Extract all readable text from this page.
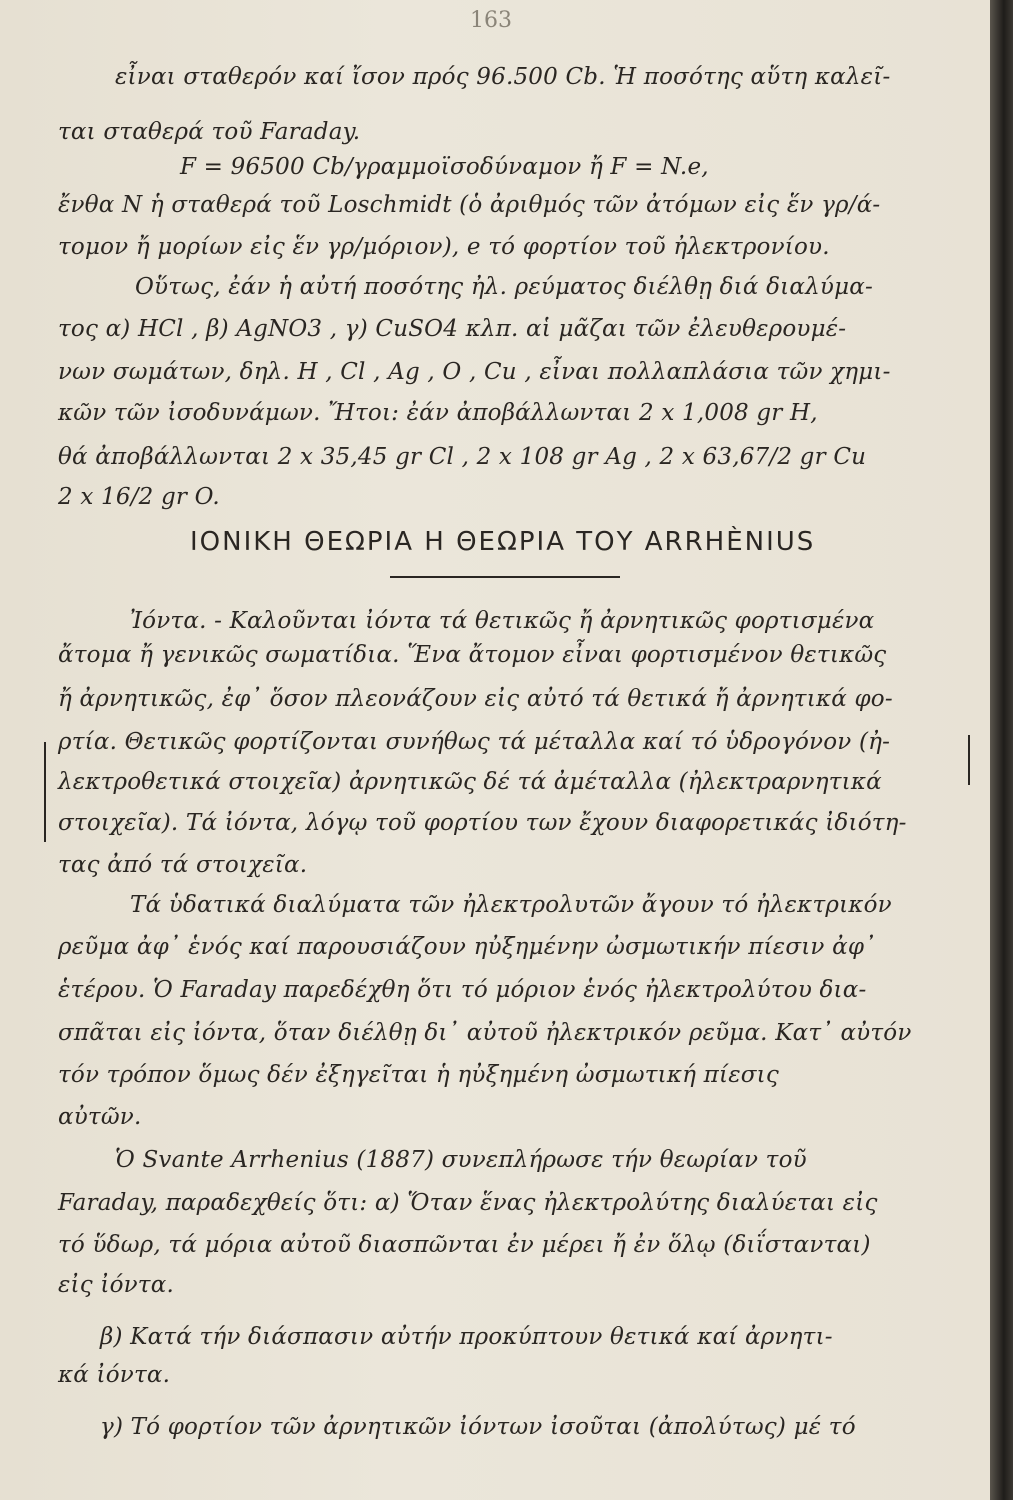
163
εἶναι σταθερόν καί ἴσον πρός 96.500 Cb. Ἡ ποσότης αὕτη καλεῖ-
ται σταθερά τοῦ Faraday.
F = 96500 Cb/γραμμοϊσοδύναμον ἤ F = N.e,
ἔνθα N ἡ σταθερά τοῦ Loschmidt (ὁ ἀριθμός τῶν ἀτόμων εἰς ἕν γρ/ά-
τομον ἤ μορίων εἰς ἕν γρ/μόριον), e τό φορτίον τοῦ ἠλεκτρονίου.
Οὕτως, ἐάν ἡ αὐτή ποσότης ἠλ. ρεύματος διέλθῃ διά διαλύμα-
τος α) HCl , β) AgNO3 , γ) CuSO4 κλπ. αἱ μᾶζαι τῶν ἐλευθερουμέ-
νων σωμάτων, δηλ. H , Cl , Ag , O , Cu , εἶναι πολλαπλάσια τῶν χημι-
κῶν τῶν ἰσοδυνάμων. Ἤτοι: ἐάν ἀποβάλλωνται 2 x 1,008 gr H,
θά ἀποβάλλωνται 2 x 35,45 gr Cl , 2 x 108 gr Ag , 2 x 63,67/2 gr Cu
2 x 16/2 gr O.
ΙΟΝΙΚΗ ΘΕΩΡΙΑ Η ΘΕΩΡΙΑ ΤΟΥ ARRHÈNIUS
Ἰόντα. - Καλοῦνται ἰόντα τά θετικῶς ἤ ἀρνητικῶς φορτισμένα
ἄτομα ἤ γενικῶς σωματίδια. Ἕνα ἄτομον εἶναι φορτισμένον θετικῶς
ἤ ἀρνητικῶς, ἐφ᾽ ὅσον πλεονάζουν εἰς αὐτό τά θετικά ἤ ἀρνητικά φο-
ρτία. Θετικῶς φορτίζονται συνήθως τά μέταλλα καί τό ὑδρογόνον (ἠ-
λεκτροθετικά στοιχεῖα) ἀρνητικῶς δέ τά ἀμέταλλα (ἠλεκτραρνητικά
στοιχεῖα). Τά ἰόντα, λόγῳ τοῦ φορτίου των ἔχουν διαφορετικάς ἰδιότη-
τας ἀπό τά στοιχεῖα.
Τά ὑδατικά διαλύματα τῶν ἠλεκτρολυτῶν ἄγουν τό ἠλεκτρικόν
ρεῦμα ἀφ᾽ ἑνός καί παρουσιάζουν ηὐξημένην ὠσμωτικήν πίεσιν ἀφ᾽
ἑτέρου. Ὁ Faraday παρεδέχθη ὅτι τό μόριον ἑνός ἠλεκτρολύτου δια-
σπᾶται εἰς ἰόντα, ὅταν διέλθῃ δι᾽ αὐτοῦ ἠλεκτρικόν ρεῦμα. Κατ᾽ αὐτόν
τόν τρόπον ὅμως δέν ἐξηγεῖται ἡ ηὐξημένη ὠσμωτική πίεσις
αὐτῶν.
Ὁ Svante Arrhenius (1887) συνεπλήρωσε τήν θεωρίαν τοῦ
Faraday, παραδεχθείς ὅτι: α) Ὅταν ἕνας ἠλεκτρολύτης διαλύεται εἰς
τό ὕδωρ, τά μόρια αὐτοῦ διασπῶνται ἐν μέρει ἤ ἐν ὅλῳ (διΐστανται)
εἰς ἰόντα.
β) Κατά τήν διάσπασιν αὐτήν προκύπτουν θετικά καί ἀρνητι-
κά ἰόντα.
γ) Τό φορτίον τῶν ἀρνητικῶν ἰόντων ἰσοῦται (ἀπολύτως) μέ τό
